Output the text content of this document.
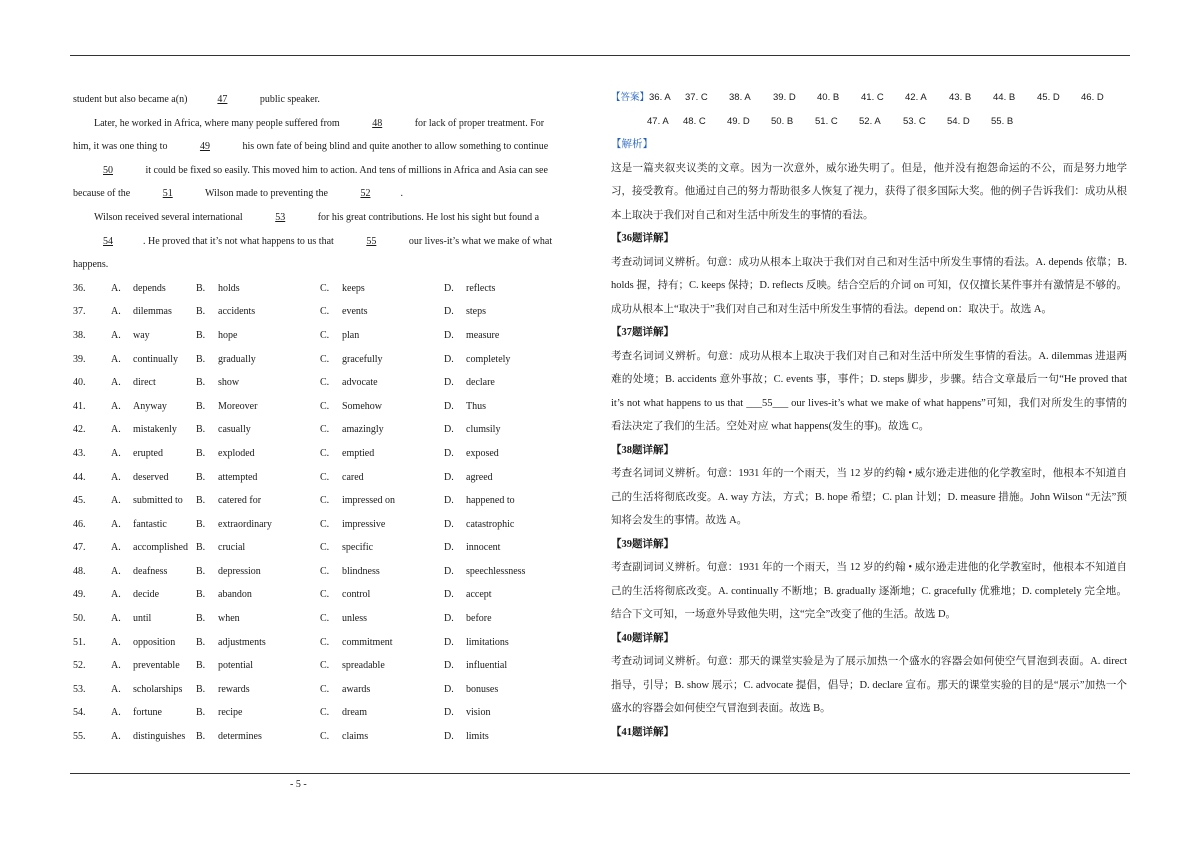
student but also became a(n)	47	public speaker.

Later, he worked in Africa, where many people suffered from	48	for lack of proper treatment. For

him, it was one thing to	49	his own fate of being blind and quite another to allow something to continue

50	it could be fixed so easily. This moved him to action. And tens of millions in Africa and Asia can see

because of the	51	Wilson made to preventing the	52	.

Wilson received several international	53	for his great contributions. He lost his sight but found a

54	. He proved that it’s not what happens to us that	55	our lives-it’s what we make of what

happens.

36.	A.	depends	B.	holds	C.	keeps	D.	reflects
37.	A.	dilemmas B.	accidents	C.	events	D.	steps
38.	A.	way	B.	hope	C.	plan	D.	measure
39.	A.	continually B.	gradually	C.	gracefully	D.	completely
40.	A.	direct	B.	show	C.	advocate	D.	declare
41.	A.	Anyway	B.	Moreover	C.	Somehow	D.	Thus
42.	A.	mistakenly B.	casually	C.	amazingly	D.	clumsily
43.	A.	erupted	B.	exploded	C.	emptied	D.	exposed
44.	A.	deserved	B.	attempted	C.	cared	D.	agreed
45.	A.	submitted to B.	catered for	C.	impressed on	D.	happened to
46.	A.	fantastic	B.	extraordinary	C.	impressive	D.	catastrophic
47.	A.	accomplished B.	crucial	C.	specific	D.	innocent
48.	A.	deafness	B.	depression	C.	blindness	D.	speechlessness
49.	A.	decide	B.	abandon	C.	control	D.	accept
50.	A.	until	B.	when	C.	unless	D.	before
51.	A.	opposition B.	adjustments	C.	commitment	D.	limitations
52.	A.	preventable B.	potential	C.	spreadable	D.	influential
53.	A.	scholarships B.	rewards	C.	awards	D.	bonuses
54.	A.	fortune	B.	recipe	C.	dream	D.	vision
55.	A.	distinguishes B.	determines	C.	claims	D.	limits
【答案】36. A 37. C 38. A 39. D 40. B 41. C 42. A 43. B 44. B 45. D 46. D
47. A 48. C 49. D 50. B 51. C 52. A 53. C 54. D 55. B
【解析】
这是一篇夹叙夹议类的文章。因为一次意外，威尔逊失明了。但是，他并没有抱怨命运的不公，而是努力地学习，接受教育。他通过自己的努力帮助很多人恢复了视力，获得了很多国际大奖。他的例子告诉我们：成功从根本上取决于我们对自己和对生活中所发生的事情的看法。
【36题详解】
考查动词词义辨析。句意：成功从根本上取决于我们对自己和对生活中所发生事情的看法。A. depends 依靠；B. holds 握，持有；C. keeps 保持；D. reflects 反映。结合空后的介词 on 可知，仅仅擅长某件事并有激情是不够的。成功从根本上“取决于”我们对自己和对生活中所发生事情的看法。depend on：取决于。故选 A。
【37题详解】
考查名词词义辨析。句意：成功从根本上取决于我们对自己和对生活中所发生事情的看法。A. dilemmas 进退两难的处境；B. accidents 意外事故；C. events 事，事件；D. steps 脚步，步骤。结合文章最后一句“He proved that it’s not what happens to us that ___55___ our lives-it’s what we make of what happens”可知，我们对所发生的事情的看法决定了我们的生活。空处对应 what happens(发生的事)。故选 C。
【38题详解】
考查名词词义辨析。句意：1931 年的一个雨天，当 12 岁的约翰 • 威尔逊走进他的化学教室时，他根本不知道自己的生活将彻底改变。A. way 方法，方式；B. hope 希望；C. plan 计划；D. measure 措施。John Wilson “无法”预知将会发生的事情。故选 A。
【39题详解】
考查副词词义辨析。句意：1931 年的一个雨天，当 12 岁的约翰 • 威尔逊走进他的化学教室时，他根本不知道自己的生活将彻底改变。A. continually 不断地；B. gradually 逐渐地；C. gracefully 优雅地；D. completely 完全地。结合下文可知，一场意外导致他失明，这“完全”改变了他的生活。故选 D。
【40题详解】
考查动词词义辨析。句意：那天的课堂实验是为了展示加热一个盛水的容器会如何使空气冒泡到表面。A. direct 指导，引导；B. show 展示；C. advocate 提倡，倡导；D. declare 宣布。那天的课堂实验的目的是“展示”加热一个盛水的容器会如何使空气冒泡到表面。故选 B。
【41题详解】
- 5 -
